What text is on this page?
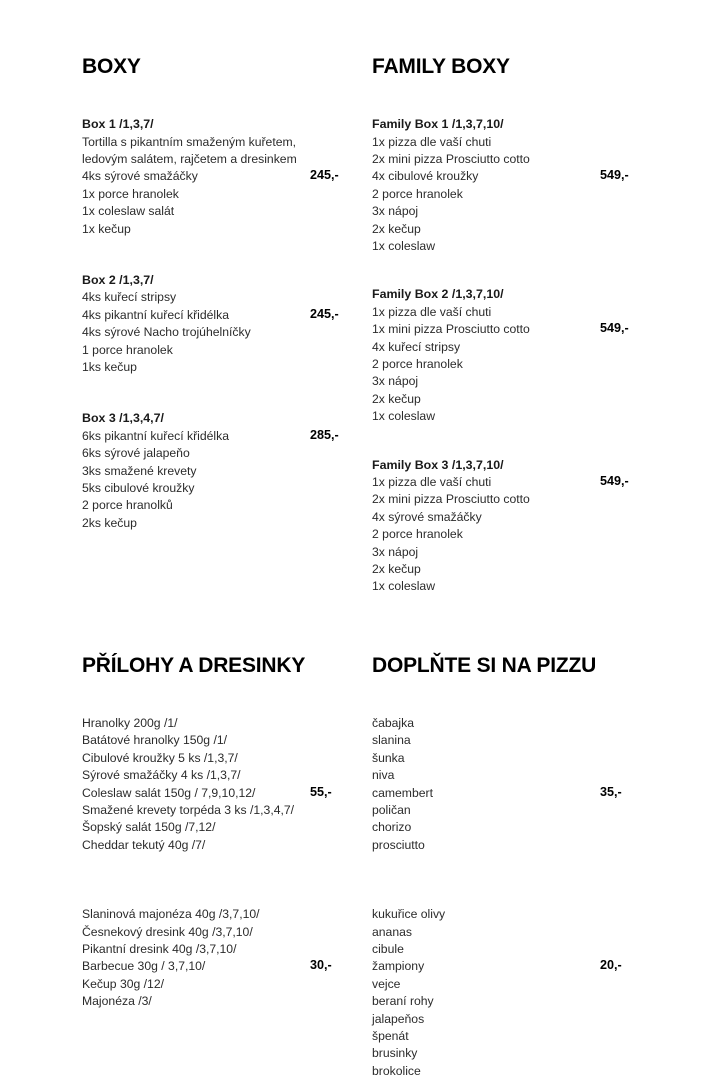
BOXY
Box 1 /1,3,7/
Tortilla s pikantním smaženým kuřetem,
ledovým salátem, rajčetem a dresinkem
4ks sýrové smažáčky
1x porce hranolek
1x coleslaw salát
1x kečup
245,-
Box 2 /1,3,7/
4ks kuřecí stripsy
4ks pikantní kuřecí křidélka
4ks sýrové Nacho trojúhelníčky
1 porce hranolek
1ks kečup
245,-
Box 3 /1,3,4,7/
6ks pikantní kuřecí křidélka
6ks sýrové jalapeňo
3ks smažené krevety
5ks cibulové kroužky
2 porce hranolků
2ks kečup
285,-
FAMILY BOXY
Family Box 1 /1,3,7,10/
1x pizza dle vaší chuti
2x mini pizza Prosciutto cotto
4x cibulové kroužky
2 porce hranolek
3x nápoj
2x kečup
1x coleslaw
549,-
Family Box 2 /1,3,7,10/
1x pizza dle vaší chuti
1x mini pizza Prosciutto cotto
4x kuřecí stripsy
2 porce hranolek
3x nápoj
2x kečup
1x coleslaw
549,-
Family Box 3 /1,3,7,10/
1x pizza dle vaší chuti
2x mini pizza Prosciutto cotto
4x sýrové smažáčky
2 porce hranolek
3x nápoj
2x kečup
1x coleslaw
549,-
PŘÍLOHY A DRESINKY
Hranolky 200g /1/
Batátové hranolky 150g /1/
Cibulové kroužky 5 ks /1,3,7/
Sýrové smažáčky 4 ks /1,3,7/
Coleslaw salát 150g / 7,9,10,12/
Smažené krevety torpéda 3 ks /1,3,4,7/
Šopský salát 150g /7,12/
Cheddar tekutý 40g /7/
55,-
Slaninová majonéza 40g /3,7,10/
Česnekový dresink 40g /3,7,10/
Pikantní dresink 40g /3,7,10/
Barbecue 30g / 3,7,10/
Kečup 30g /12/
Majonéza /3/
30,-
DOPLŇTE SI NA PIZZU
čabajka
slanina
šunka
niva
camembert
poličan
chorizo
prosciutto
35,-
kukuřice olivy
ananas
cibule
žampiony
vejce
beraní rohy
jalapeňos
špenát
brusinky
brokolice
20,-
